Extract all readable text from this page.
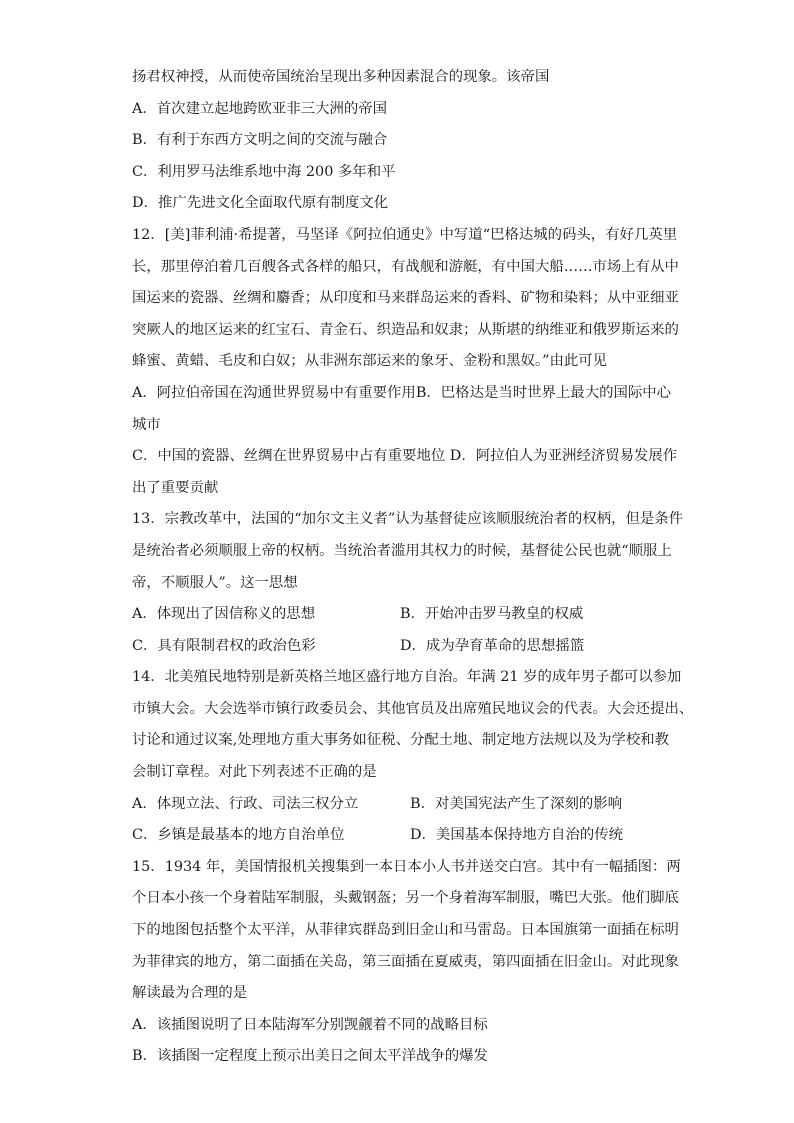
扬君权神授，从而使帝国统治呈现出多种因素混合的现象。该帝国
A．首次建立起地跨欧亚非三大洲的帝国
B．有利于东西方文明之间的交流与融合
C．利用罗马法维系地中海 200 多年和平
D．推广先进文化全面取代原有制度文化
12．[美]菲利浦·希提著，马坚译《阿拉伯通史》中写道“巴格达城的码头，有好几英里
长，那里停泊着几百艘各式各样的船只，有战舰和游艇，有中国大船……市场上有从中
国运来的瓷器、丝绸和麝香；从印度和马来群岛运来的香料、矿物和染料；从中亚细亚
突厥人的地区运来的红宝石、青金石、织造品和奴隶；从斯堪的纳维亚和俄罗斯运来的
蜂蜜、黄蜡、毛皮和白奴；从非洲东部运来的象牙、金粉和黑奴。”由此可见
A．阿拉伯帝国在沟通世界贸易中有重要作用B．巴格达是当时世界上最大的国际中心
城市
C．中国的瓷器、丝绸在世界贸易中占有重要地位 D．阿拉伯人为亚洲经济贸易发展作
出了重要贡献
13．宗教改革中，法国的“加尔文主义者”认为基督徒应该顺服统治者的权柄，但是条件
是统治者必须顺服上帝的权柄。当统治者滥用其权力的时候，基督徒公民也就“顺服上
帝，不顺服人”。这一思想
A．体现出了因信称义的思想	B．开始冲击罗马教皇的权威
C．具有限制君权的政治色彩	D．成为孕育革命的思想摇篮
14．北美殖民地特别是新英格兰地区盛行地方自治。年满 21 岁的成年男子都可以参加
市镇大会。大会选举市镇行政委员会、其他官员及出席殖民地议会的代表。大会还提出、
讨论和通过议案,处理地方重大事务如征税、分配土地、制定地方法规以及为学校和教
会制订章程。对此下列表述不正确的是
A．体现立法、行政、司法三权分立	B．对美国宪法产生了深刻的影响
C．乡镇是最基本的地方自治单位	D．美国基本保持地方自治的传统
15．1934 年，美国情报机关搜集到一本日本小人书并送交白宫。其中有一幅插图：两
个日本小孩一个身着陆军制服，头戴钢盔；另一个身着海军制服，嘴巴大张。他们脚底
下的地图包括整个太平洋，从菲律宾群岛到旧金山和马雷岛。日本国旗第一面插在标明
为菲律宾的地方，第二面插在关岛，第三面插在夏威夷，第四面插在旧金山。对此现象
解读最为合理的是
A．该插图说明了日本陆海军分别觊觎着不同的战略目标
B．该插图一定程度上预示出美日之间太平洋战争的爆发
